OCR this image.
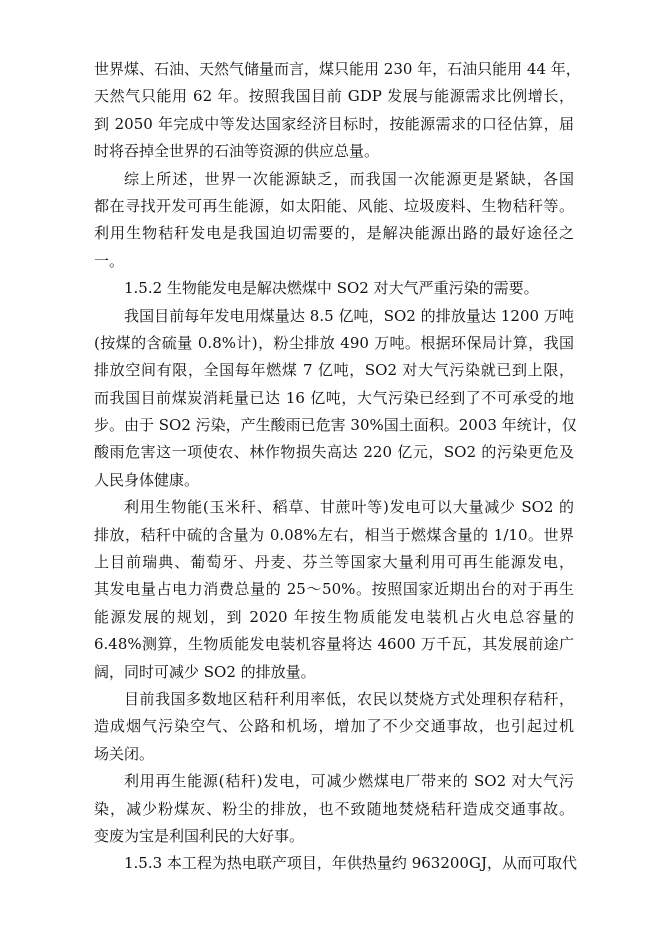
世界煤、石油、天然气储量而言，煤只能用 230 年，石油只能用 44 年，
天然气只能用 62 年。按照我国目前 GDP 发展与能源需求比例增长，
到 2050 年完成中等发达国家经济目标时，按能源需求的口径估算，届
时将吞掉全世界的石油等资源的供应总量。
综上所述，世界一次能源缺乏，而我国一次能源更是紧缺，各国
都在寻找开发可再生能源，如太阳能、风能、垃圾废料、生物秸秆等。
利用生物秸秆发电是我国迫切需要的，是解决能源出路的最好途径之
一。
1.5.2 生物能发电是解决燃煤中 SO2 对大气严重污染的需要。
我国目前每年发电用煤量达 8.5 亿吨，SO2 的排放量达 1200 万吨
(按煤的含硫量 0.8%计)，粉尘排放 490 万吨。根据环保局计算，我国
排放空间有限，全国每年燃煤 7 亿吨，SO2 对大气污染就已到上限，
而我国目前煤炭消耗量已达 16 亿吨，大气污染已经到了不可承受的地
步。由于 SO2 污染，产生酸雨已危害 30%国土面积。2003 年统计，仅
酸雨危害这一项使农、林作物损失高达 220 亿元，SO2 的污染更危及
人民身体健康。
利用生物能(玉米秆、稻草、甘蔗叶等)发电可以大量减少 SO2 的
排放，秸秆中硫的含量为 0.08%左右，相当于燃煤含量的 1/10。世界
上目前瑞典、葡萄牙、丹麦、芬兰等国家大量利用可再生能源发电，
其发电量占电力消费总量的 25～50%。按照国家近期出台的对于再生
能源发展的规划，到 2020 年按生物质能发电装机占火电总容量的
6.48%测算，生物质能发电装机容量将达 4600 万千瓦，其发展前途广
阔，同时可减少 SO2 的排放量。
目前我国多数地区秸秆利用率低，农民以焚烧方式处理积存秸秆，
造成烟气污染空气、公路和机场，增加了不少交通事故，也引起过机
场关闭。
利用再生能源(秸秆)发电，可减少燃煤电厂带来的 SO2 对大气污
染，减少粉煤灰、粉尘的排放，也不致随地焚烧秸秆造成交通事故。
变废为宝是利国利民的大好事。
1.5.3 本工程为热电联产项目，年供热量约 963200GJ，从而可取代
